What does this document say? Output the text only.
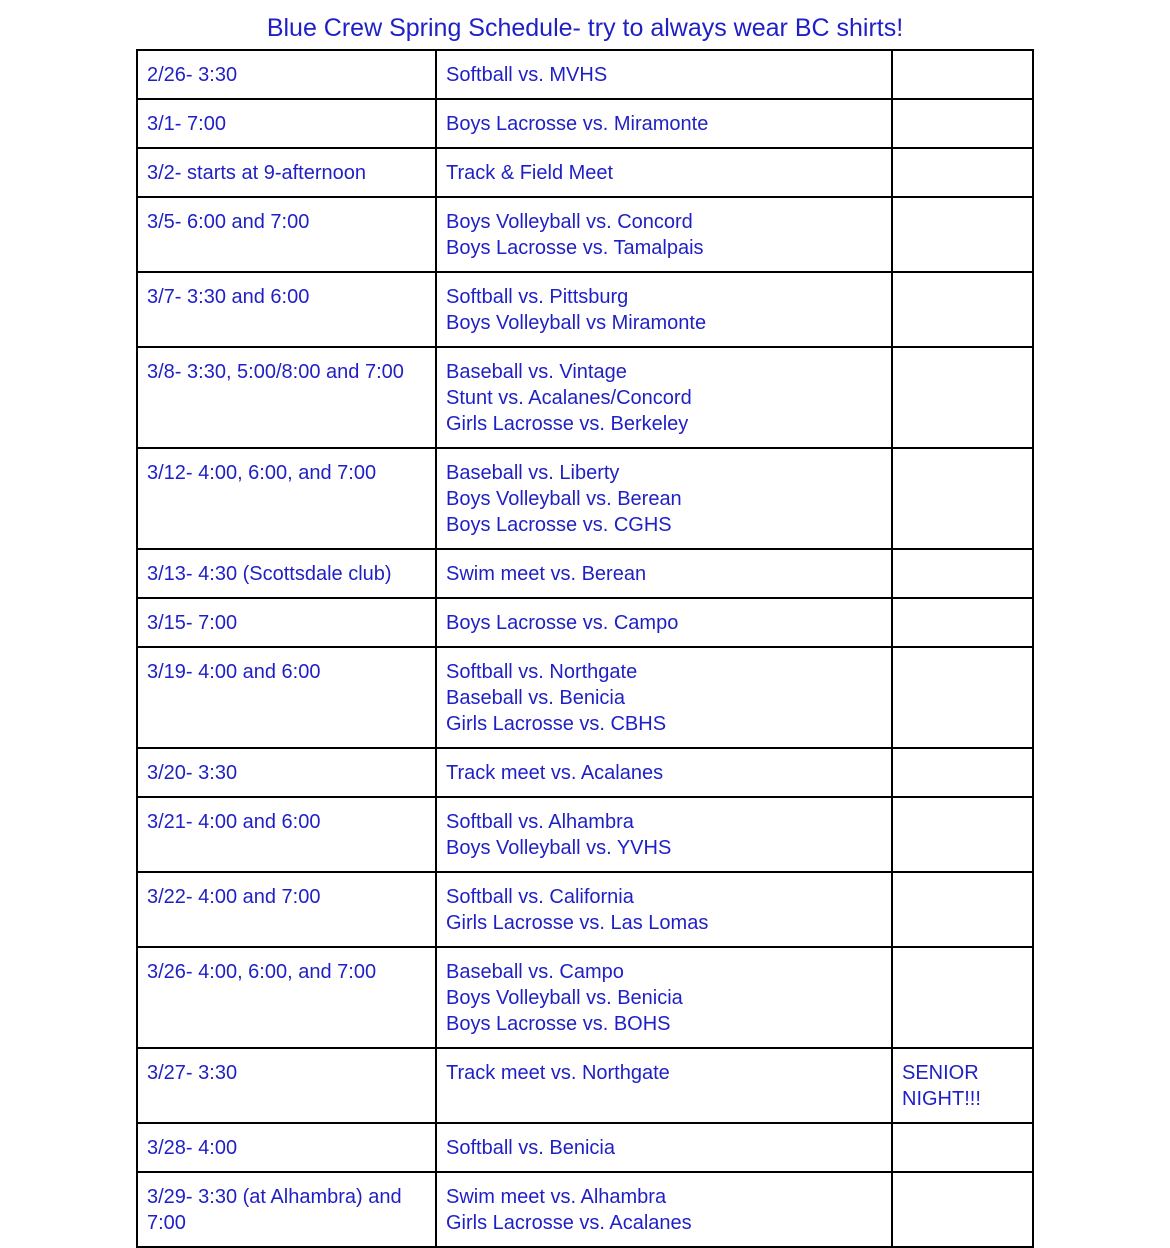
Blue Crew Spring Schedule- try to always wear BC shirts!
2/26- 3:30	Softball vs. MVHS	

3/1- 7:00	Boys Lacrosse vs. Miramonte	

3/2- starts at 9-afternoon	Track & Field Meet	

3/5- 6:00 and 7:00	Boys Volleyball vs. Concord
Boys Lacrosse vs. Tamalpais	

3/7- 3:30 and 6:00	Softball vs. Pittsburg
Boys Volleyball vs Miramonte	

3/8- 3:30, 5:00/8:00 and 7:00	Baseball vs. Vintage
Stunt vs. Acalanes/Concord
Girls Lacrosse vs. Berkeley	

3/12- 4:00, 6:00, and 7:00	Baseball vs. Liberty
Boys Volleyball vs. Berean
Boys Lacrosse vs. CGHS	

3/13- 4:30 (Scottsdale club)	Swim meet vs. Berean	

3/15- 7:00	Boys Lacrosse vs. Campo	

3/19- 4:00 and 6:00	Softball vs. Northgate
Baseball vs. Benicia
Girls Lacrosse vs. CBHS	

3/20- 3:30	Track meet vs. Acalanes	

3/21- 4:00 and 6:00	Softball vs. Alhambra
Boys Volleyball vs. YVHS	

3/22- 4:00 and 7:00	Softball vs. California
Girls Lacrosse vs. Las Lomas	

3/26- 4:00, 6:00, and 7:00	Baseball vs. Campo
Boys Volleyball vs. Benicia
Boys Lacrosse vs. BOHS	

3/27- 3:30	Track meet vs. Northgate	SENIOR NIGHT!!!

3/28- 4:00	Softball vs. Benicia	

3/29- 3:30 (at Alhambra) and 7:00	Swim meet vs. Alhambra
Girls Lacrosse vs. Acalanes	
